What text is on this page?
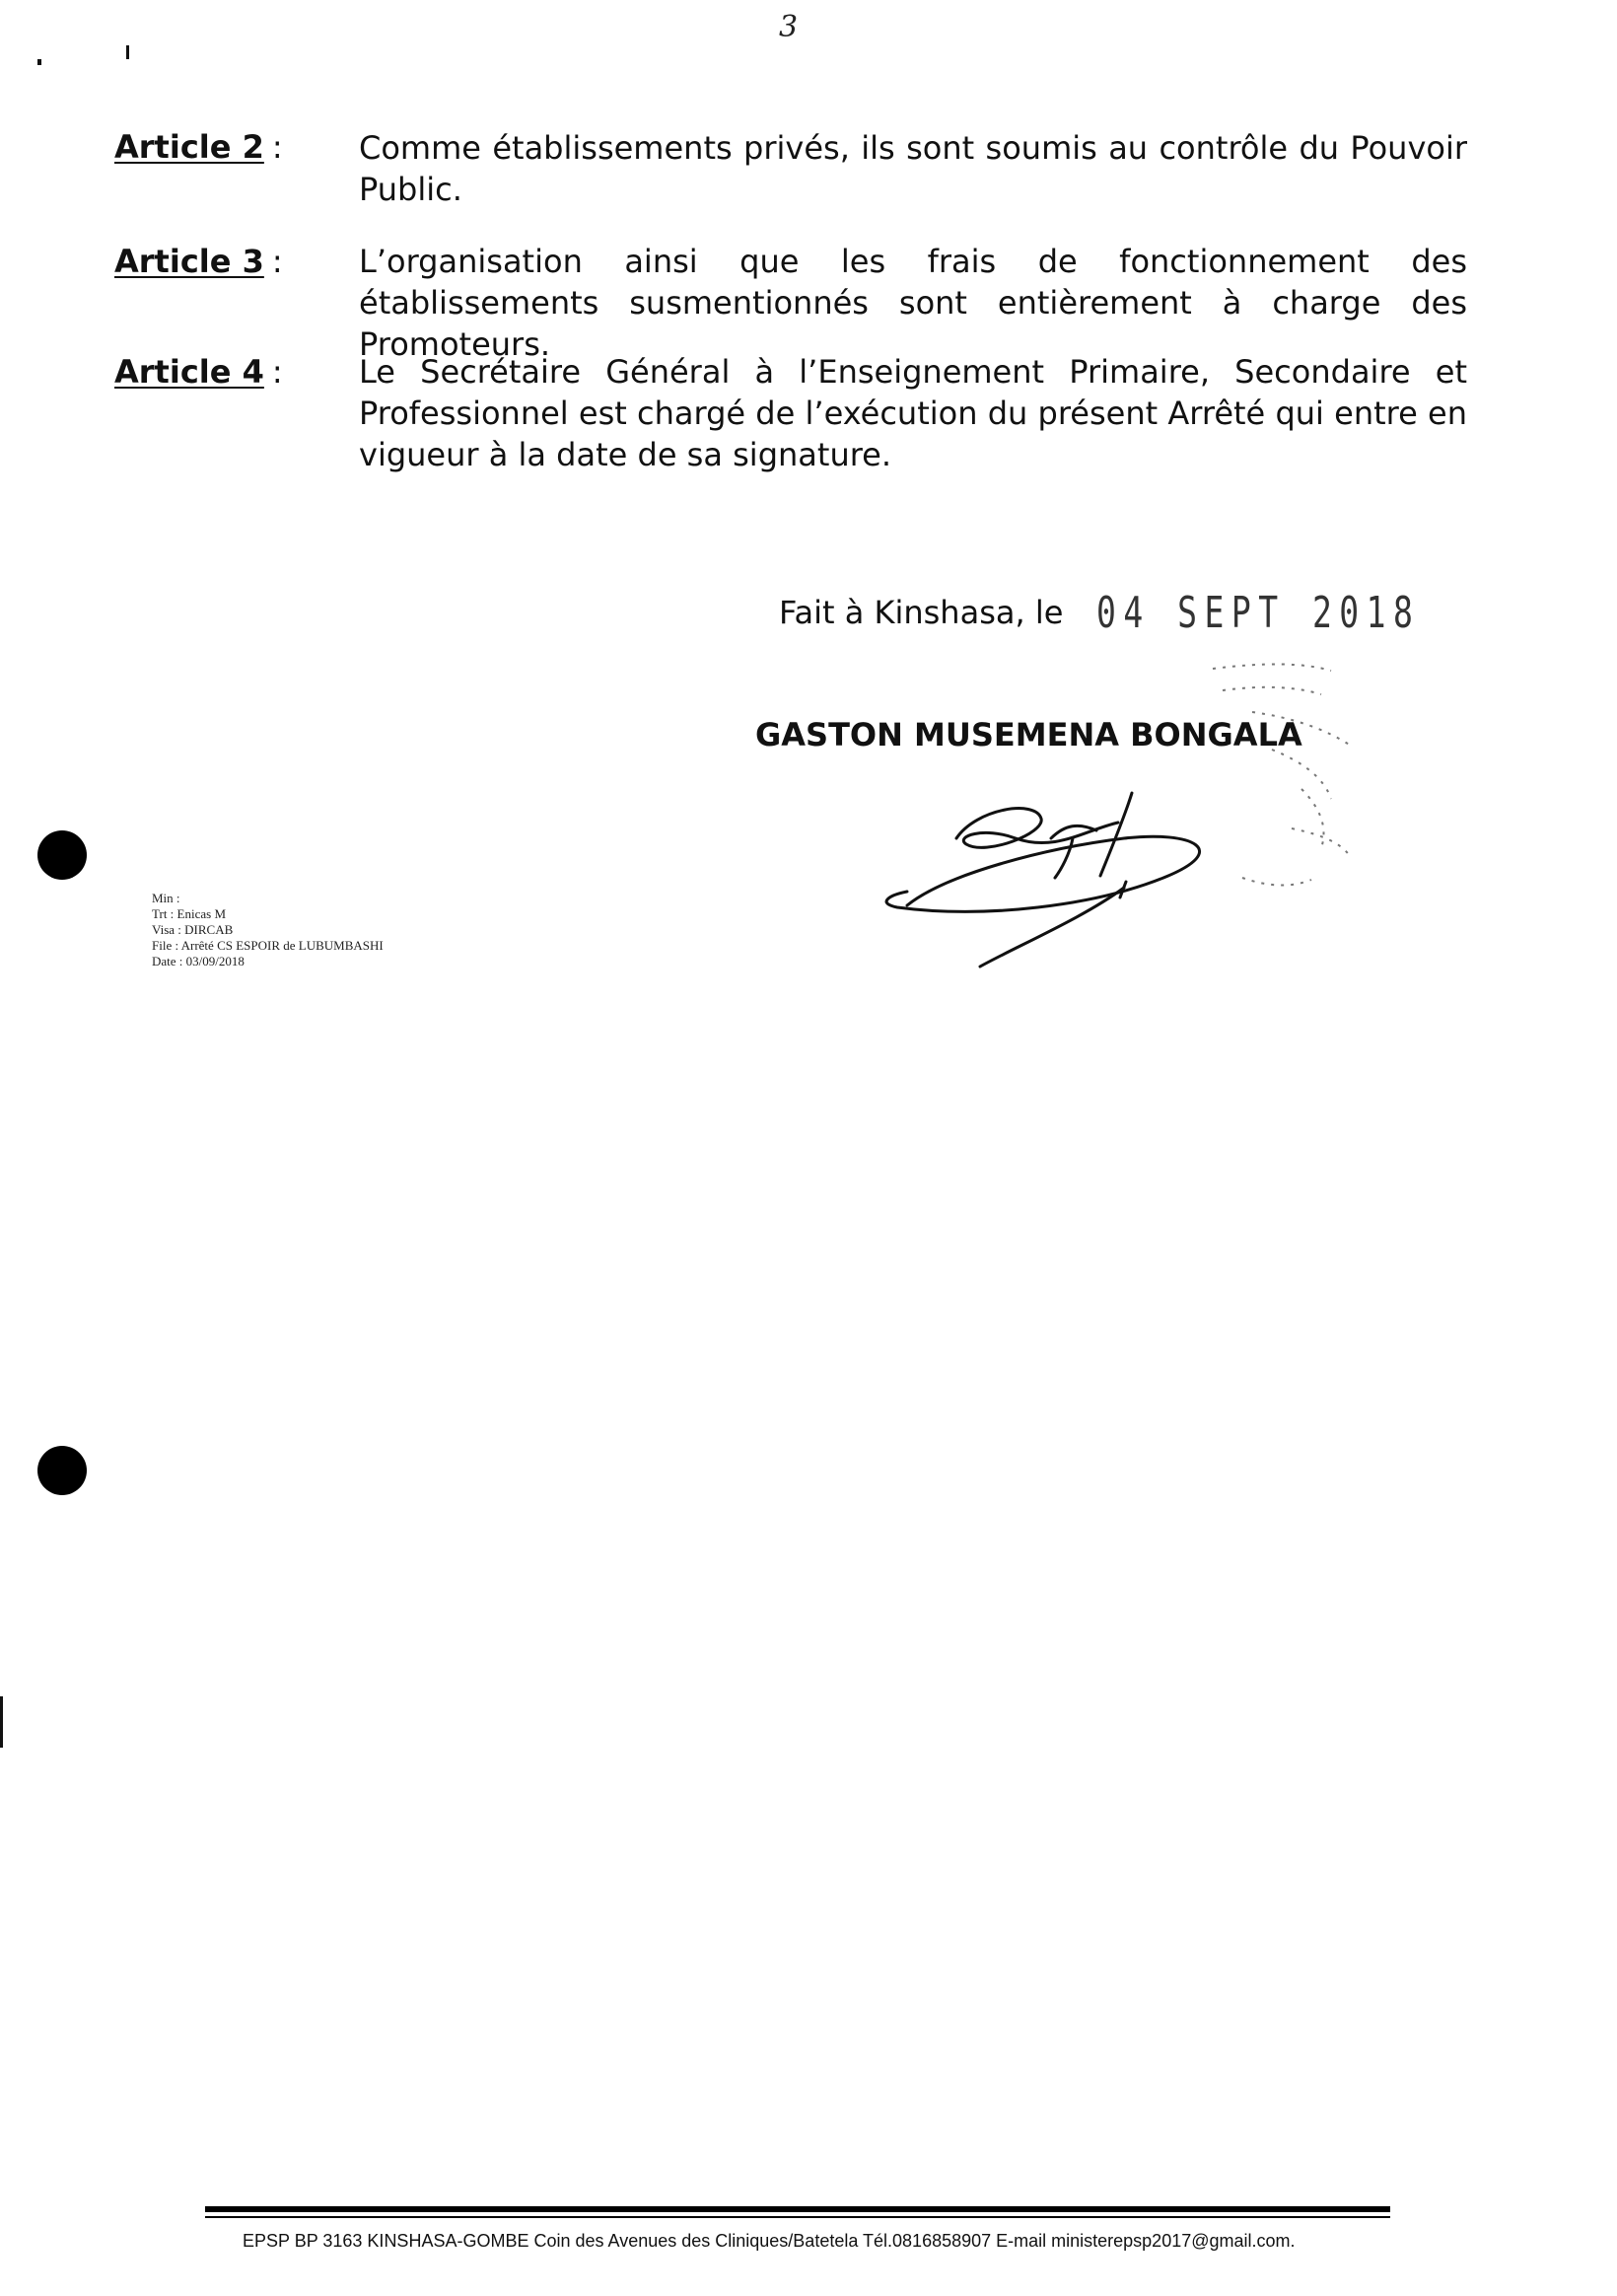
3
Article 2 : Comme établissements privés, ils sont soumis au contrôle du Pouvoir Public.
Article 3 : L’organisation ainsi que les frais de fonctionnement des établissements susmentionnés sont entièrement à charge des Promoteurs.
Article 4 : Le Secrétaire Général à l’Enseignement Primaire, Secondaire et Professionnel est chargé de l’exécution du présent Arrêté qui entre en vigueur à la date de sa signature.
Fait à Kinshasa, le 04 SEPT 2018
GASTON MUSEMENA BONGALA
Min :
Trt : Enicas M
Visa : DIRCAB
File : Arrêté CS ESPOIR de LUBUMBASHI
Date : 03/09/2018
EPSP BP 3163 KINSHASA-GOMBE Coin des Avenues des Cliniques/Batetela Tél.0816858907 E-mail ministerepsp2017@gmail.com.
